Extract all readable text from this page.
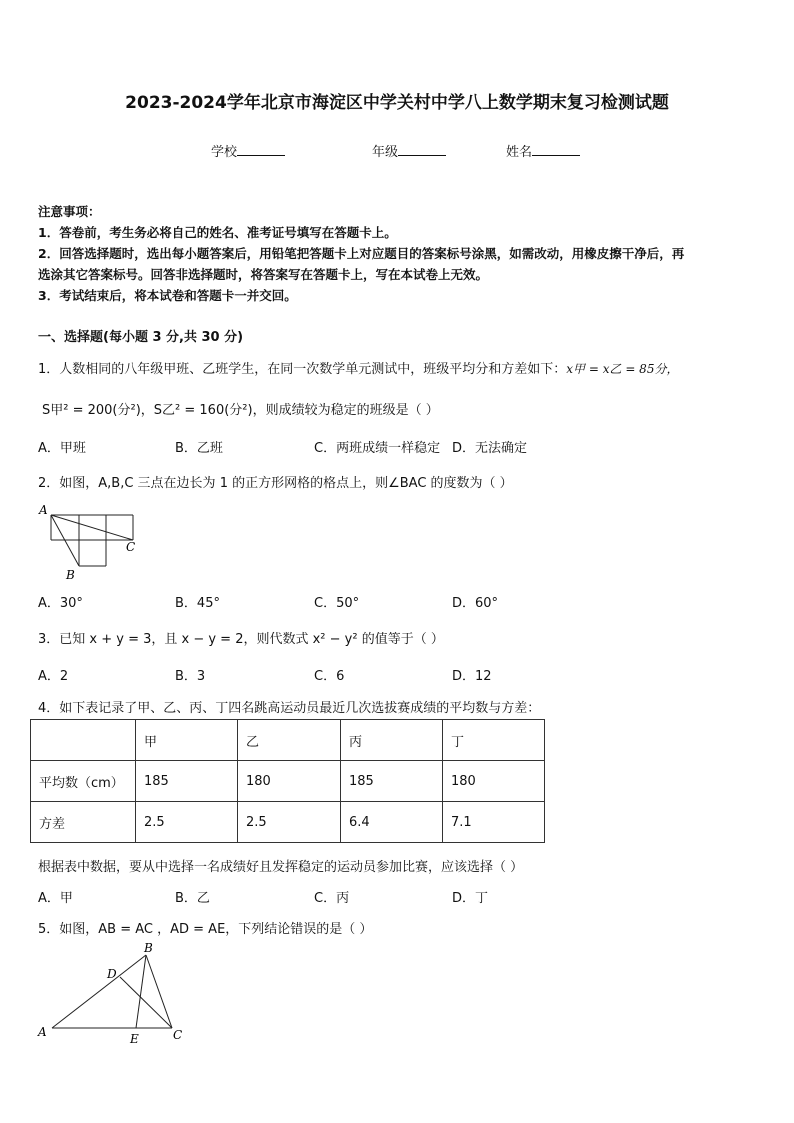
2023-2024学年北京市海淀区中学关村中学八上数学期末复习检测试题
学校	年级	姓名
注意事项：
1．答卷前，考生务必将自己的姓名、准考证号填写在答题卡上。
2．回答选择题时，选出每小题答案后，用铅笔把答题卡上对应题目的答案标号涂黑，如需改动，用橡皮擦干净后，再
选涂其它答案标号。回答非选择题时，将答案写在答题卡上，写在本试卷上无效。
3．考试结束后，将本试卷和答题卡一并交回。
一、选择题(每小题 3 分,共 30 分)
1．人数相同的八年级甲班、乙班学生，在同一次数学单元测试中，班级平均分和方差如下：x甲 = x乙 = 85分，
S甲² = 200(分²)，S乙² = 160(分²)，则成绩较为稳定的班级是（ ）
A．甲班	B．乙班	C．两班成绩一样稳定 D．无法确定
2．如图，A,B,C 三点在边长为 1 的正方形网格的格点上，则∠BAC 的度数为（ ）
A
B
C
A．30°	B．45°	C．50°	D．60°
3．已知 x + y = 3，且 x − y = 2，则代数式 x² − y² 的值等于（ ）
A．2	B．3	C．6	D．12
4．如下表记录了甲、乙、丙、丁四名跳高运动员最近几次选拔赛成绩的平均数与方差：
	甲	乙	丙	丁
平均数（cm）	185	180	185	180
方差	2.5	2.5	6.4	7.1
根据表中数据，要从中选择一名成绩好且发挥稳定的运动员参加比赛，应该选择（ ）
A．甲	B．乙	C．丙	D．丁
5．如图，AB = AC ，AD = AE，下列结论错误的是（ ）
A
B
C
D
E
